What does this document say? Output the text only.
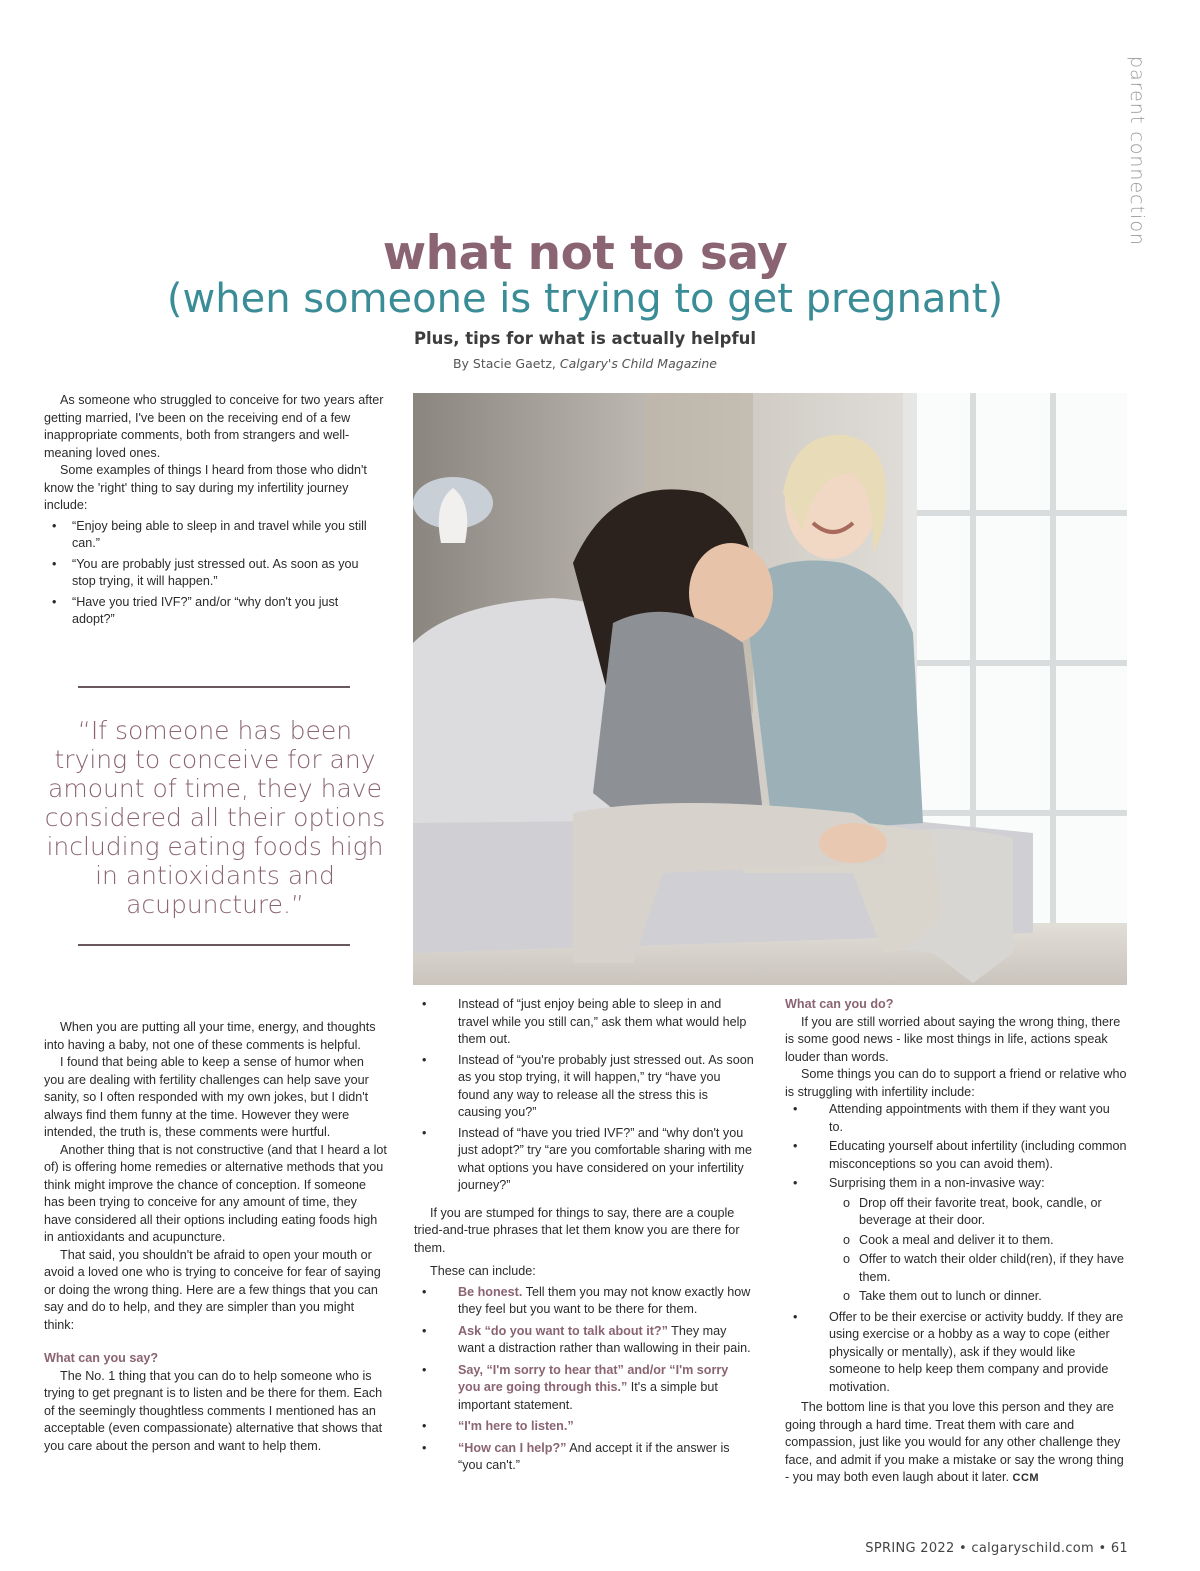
parent connection
what not to say
(when someone is trying to get pregnant)
Plus, tips for what is actually helpful
By Stacie Gaetz, Calgary's Child Magazine

As someone who struggled to conceive for two years after getting married, I've been on the receiving end of a few inappropriate comments, both from strangers and well-meaning loved ones.

Some examples of things I heard from those who didn't know the 'right' thing to say during my infertility journey include:

• “Enjoy being able to sleep in and travel while you still can.”
• “You are probably just stressed out. As soon as you stop trying, it will happen.”
• “Have you tried IVF?” and/or “why don't you just adopt?”
“If someone has been trying to conceive for any amount of time, they have considered all their options including eating foods high in antioxidants and acupuncture.”

When you are putting all your time, energy, and thoughts into having a baby, not one of these comments is helpful.

I found that being able to keep a sense of humor when you are dealing with fertility challenges can help save your sanity, so I often responded with my own jokes, but I didn't always find them funny at the time. However they were intended, the truth is, these comments were hurtful.

Another thing that is not constructive (and that I heard a lot of) is offering home remedies or alternative methods that you think might improve the chance of conception. If someone has been trying to conceive for any amount of time, they have considered all their options including eating foods high in antioxidants and acupuncture.

That said, you shouldn't be afraid to open your mouth or avoid a loved one who is trying to conceive for fear of saying or doing the wrong thing. Here are a few things that you can say and do to help, and they are simpler than you might think:

What can you say?

The No. 1 thing that you can do to help someone who is trying to get pregnant is to listen and be there for them. Each of the seemingly thoughtless comments I mentioned has an acceptable (even compassionate) alternative that shows that you care about the person and want to help them.

• Instead of “just enjoy being able to sleep in and travel while you still can,” ask them what would help them out.
• Instead of “you're probably just stressed out. As soon as you stop trying, it will happen,” try “have you found any way to release all the stress this is causing you?”
• Instead of “have you tried IVF?” and “why don't you just adopt?” try “are you comfortable sharing with me what options you have considered on your infertility journey?”

If you are stumped for things to say, there are a couple tried-and-true phrases that let them know you are there for them.

These can include:

• Be honest. Tell them you may not know exactly how they feel but you want to be there for them.
• Ask “do you want to talk about it?” They may want a distraction rather than wallowing in their pain.
• Say, “I'm sorry to hear that” and/or “I'm sorry you are going through this.” It's a simple but important statement.
• “I'm here to listen.”
• “How can I help?” And accept it if the answer is “you can't.”
What can you do?

If you are still worried about saying the wrong thing, there is some good news - like most things in life, actions speak louder than words.

Some things you can do to support a friend or relative who is struggling with infertility include:

• Attending appointments with them if they want you to.
• Educating yourself about infertility (including common misconceptions so you can avoid them).
• Surprising them in a non-invasive way:
o Drop off their favorite treat, book, candle, or beverage at their door.
o Cook a meal and deliver it to them.
o Offer to watch their older child(ren), if they have them.
o Take them out to lunch or dinner.
• Offer to be their exercise or activity buddy. If they are using exercise or a hobby as a way to cope (either physically or mentally), ask if they would like someone to help keep them company and provide motivation.

The bottom line is that you love this person and they are going through a hard time. Treat them with care and compassion, just like you would for any other challenge they face, and admit if you make a mistake or say the wrong thing - you may both even laugh about it later. CCM

SPRING 2022 • calgaryschild.com • 61
